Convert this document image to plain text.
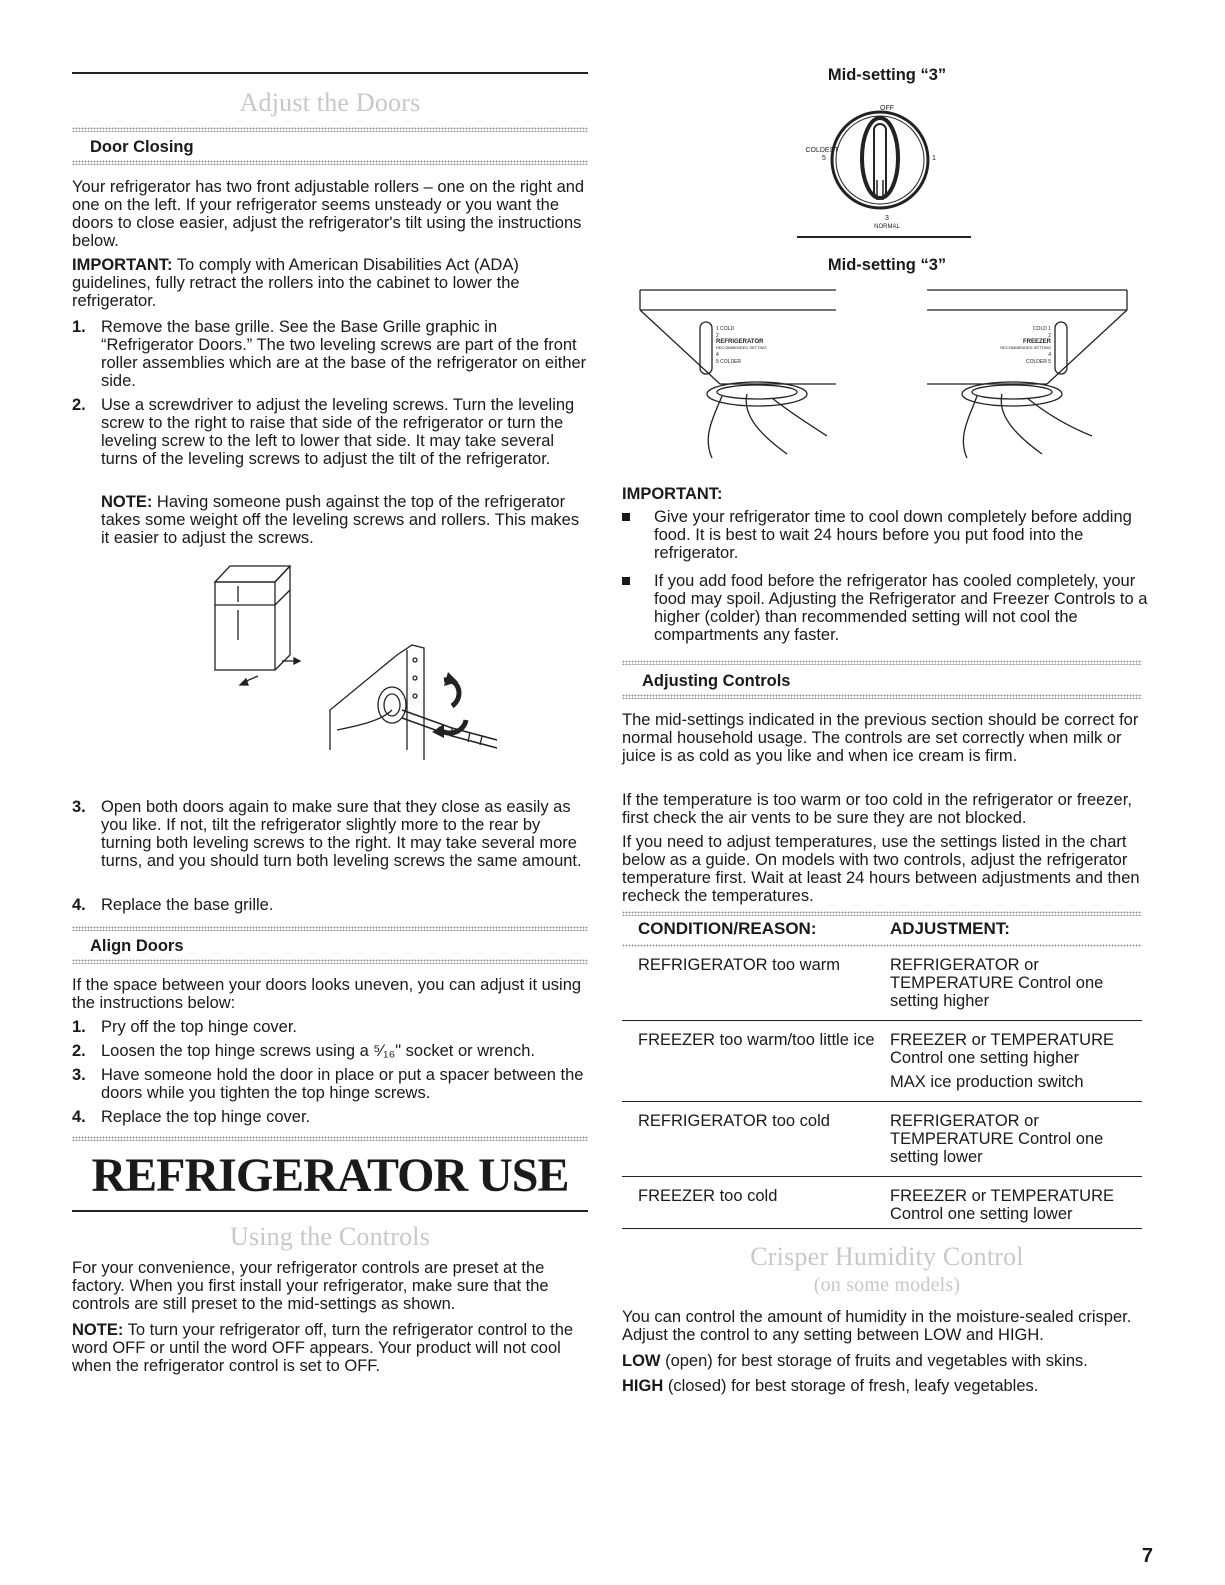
Adjust the Doors
Door Closing

Your refrigerator has two front adjustable rollers – one on the right and one on the left. If your refrigerator seems unsteady or you want the doors to close easier, adjust the refrigerator's tilt using the instructions below.

IMPORTANT: To comply with American Disabilities Act (ADA) guidelines, fully retract the rollers into the cabinet to lower the refrigerator.

1. Remove the base grille. See the Base Grille graphic in “Refrigerator Doors.” The two leveling screws are part of the front roller assemblies which are at the base of the refrigerator on either side.
2. Use a screwdriver to adjust the leveling screws. Turn the leveling screw to the right to raise that side of the refrigerator or turn the leveling screw to the left to lower that side. It may take several turns of the leveling screws to adjust the tilt of the refrigerator.

NOTE: Having someone push against the top of the refrigerator takes some weight off the leveling screws and rollers. This makes it easier to adjust the screws.

3. Open both doors again to make sure that they close as easily as you like. If not, tilt the refrigerator slightly more to the rear by turning both leveling screws to the right. It may take several more turns, and you should turn both leveling screws the same amount.
4. Replace the base grille.
Align Doors

If the space between your doors looks uneven, you can adjust it using the instructions below:

1. Pry off the top hinge cover.
2. Loosen the top hinge screws using a ⁵⁄₁₆" socket or wrench.
3. Have someone hold the door in place or put a spacer between the doors while you tighten the top hinge screws.
4. Replace the top hinge cover.
REFRIGERATOR USE
Using the Controls

For your convenience, your refrigerator controls are preset at the factory. When you first install your refrigerator, make sure that the controls are still preset to the mid-settings as shown.

NOTE: To turn your refrigerator off, turn the refrigerator control to the word OFF or until the word OFF appears. Your product will not cool when the refrigerator control is set to OFF.

Mid-setting “3”
OFF
COLDEST
5	1
3
NORMAL
Mid-setting “3”
1 COLD
2
REFRIGERATOR
RECOMMENDED SETTING
4
5 COLDER
COLD 1
2
FREEZER
RECOMMENDED SETTING
4
COLDER 5
IMPORTANT:
Give your refrigerator time to cool down completely before adding food. It is best to wait 24 hours before you put food into the refrigerator.
If you add food before the refrigerator has cooled completely, your food may spoil. Adjusting the Refrigerator and Freezer Controls to a higher (colder) than recommended setting will not cool the compartments any faster.
Adjusting Controls

The mid-settings indicated in the previous section should be correct for normal household usage. The controls are set correctly when milk or juice is as cold as you like and when ice cream is firm.

If the temperature is too warm or too cold in the refrigerator or freezer, first check the air vents to be sure they are not blocked.

If you need to adjust temperatures, use the settings listed in the chart below as a guide. On models with two controls, adjust the refrigerator temperature first. Wait at least 24 hours between adjustments and then recheck the temperatures.

CONDITION/REASON:	ADJUSTMENT:

REFRIGERATOR too warm	REFRIGERATOR or TEMPERATURE Control one setting higher
FREEZER too warm/too little ice	FREEZER or TEMPERATURE Control one setting higher
MAX ice production switch

REFRIGERATOR too cold	REFRIGERATOR or TEMPERATURE Control one setting lower
FREEZER too cold	FREEZER or TEMPERATURE Control one setting lower
Crisper Humidity Control
(on some models)

You can control the amount of humidity in the moisture-sealed crisper. Adjust the control to any setting between LOW and HIGH.

LOW (open) for best storage of fruits and vegetables with skins.

HIGH (closed) for best storage of fresh, leafy vegetables.

7
